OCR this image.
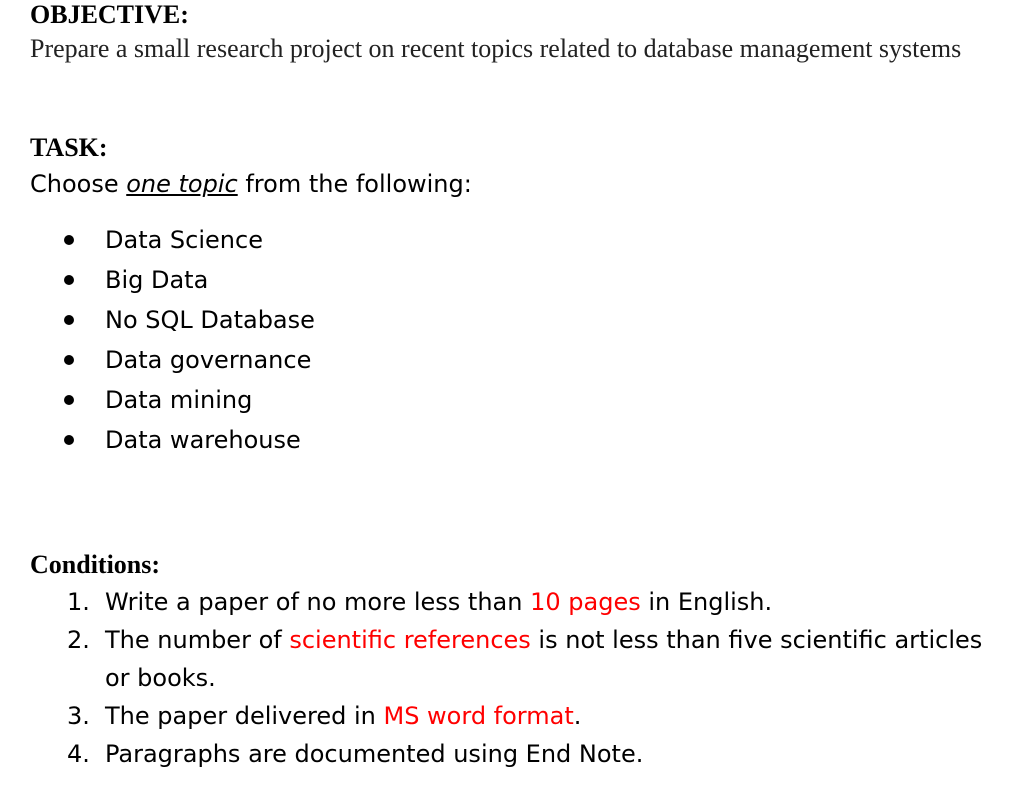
OBJECTIVE:
Prepare a small research project on recent topics related to database management systems
TASK:
Choose one topic from the following:
Data Science
Big Data
No SQL Database
Data governance
Data mining
Data warehouse
Conditions:
1. Write a paper of no more less than 10 pages in English.
2. The number of scientific references is not less than five scientific articles or books.
3. The paper delivered in MS word format.
4. Paragraphs are documented using End Note.
